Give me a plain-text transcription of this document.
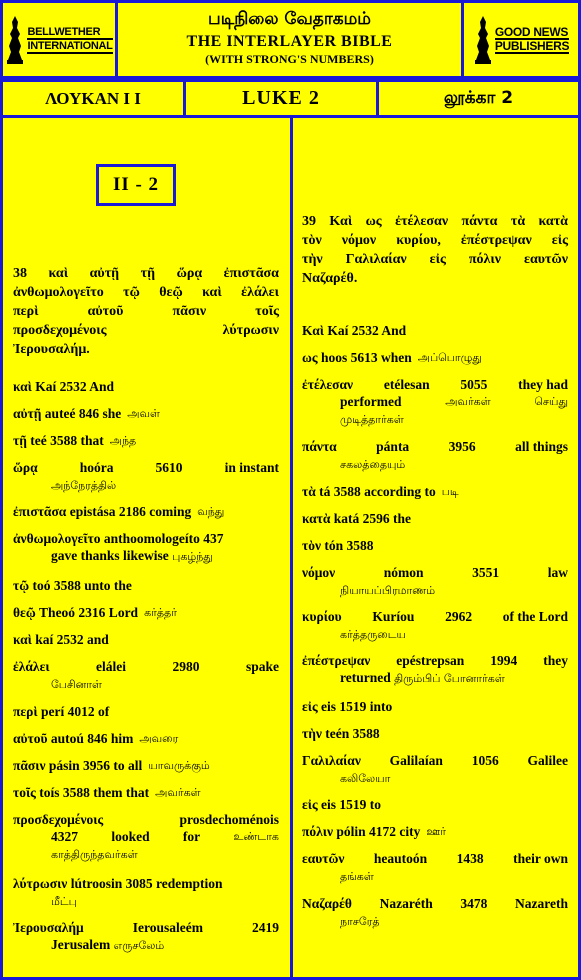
BELLWETHER
INTERNATIONAL
படிநிலை வேதாகமம்
THE INTERLAYER BIBLE
(WITH STRONG'S NUMBERS)
GOOD NEWS
PUBLISHERS
ΛΟΥΚΑΝ Ι Ι	LUKE 2	லூக்கா 2
II - 2
38 καὶ αὐτῇ τῇ ὥρᾳ ἐπιστᾶσα
ἀνθωμολογεῖτο τῷ θεῷ καὶ ἐλάλει
περὶ αὐτοῦ πᾶσιν τοῖς
προσδεχομένοις λύτρωσιν
Ἰερουσαλήμ.
καὶ Kaí 2532 And
αὐτῇ auteé 846 she அவள்
τῇ teé 3588 that அந்த
ὥρᾳ	hoóra	5610	in instant
அந்நேரத்தில்
ἐπιστᾶσα epistása 2186 coming வந்து
ἀνθωμολογεῖτο anthoomologeíto 437
gave thanks likewise புகழ்ந்து
τῷ toó 3588 unto the
θεῷ Theoó 2316 Lord கர்த்தர்
καὶ kaí 2532 and
ἐλάλει	elálei	2980	spake
பேசினாள்
περὶ perí 4012 of
αὐτοῦ autoú 846 him அவரை
πᾶσιν pásin 3956 to all யாவருக்கும்
τοῖς toís 3588 them that அவர்கள்
προσδεχομένοις	prosdechoménois
4327 looked for	உண்டாக
காத்திருந்தவர்கள்
λύτρωσιν lútroosin 3085 redemption
மீட்பு
Ἰερουσαλήμ	Ierousaleém	2419
Jerusalem எருசலேம்
39 Καὶ ως ἐτέλεσαν πάντα τὰ κατὰ
τὸν νόμον κυρίου, ἐπέστρεψαν εἰς
τὴν Γαλιλαίαν εἰς πόλιν εαυτῶν
Ναζαρέθ.
Καὶ Kaí 2532 And
ως hoos 5613 when அப்பொழுது
ἐτέλεσαν etélesan 5055 they had
performed	அவர்கள்	செய்து
முடித்தார்கள்
πάντα	pánta	3956	all things
சகலத்தையும்
τὰ tá 3588 according to படி
κατὰ katá 2596 the
τὸν tón 3588
νόμον	nómon	3551	law
நியாயப்பிரமாணம்
κυρίου Kuríou 2962 of the Lord
கர்த்தருடைய
ἐπέστρεψαν epéstrepsan 1994 they
returned திரும்பிப் போனார்கள்
εἰς eis 1519 into
τὴν teén 3588
Γαλιλαίαν Galilaían 1056 Galilee
கலிலேயா
εἰς eis 1519 to
πόλιν pólin 4172 city ஊர்
εαυτῶν heautoón 1438 their own
தங்கள்
Ναζαρέθ Nazaréth 3478 Nazareth
நாசரேத்
